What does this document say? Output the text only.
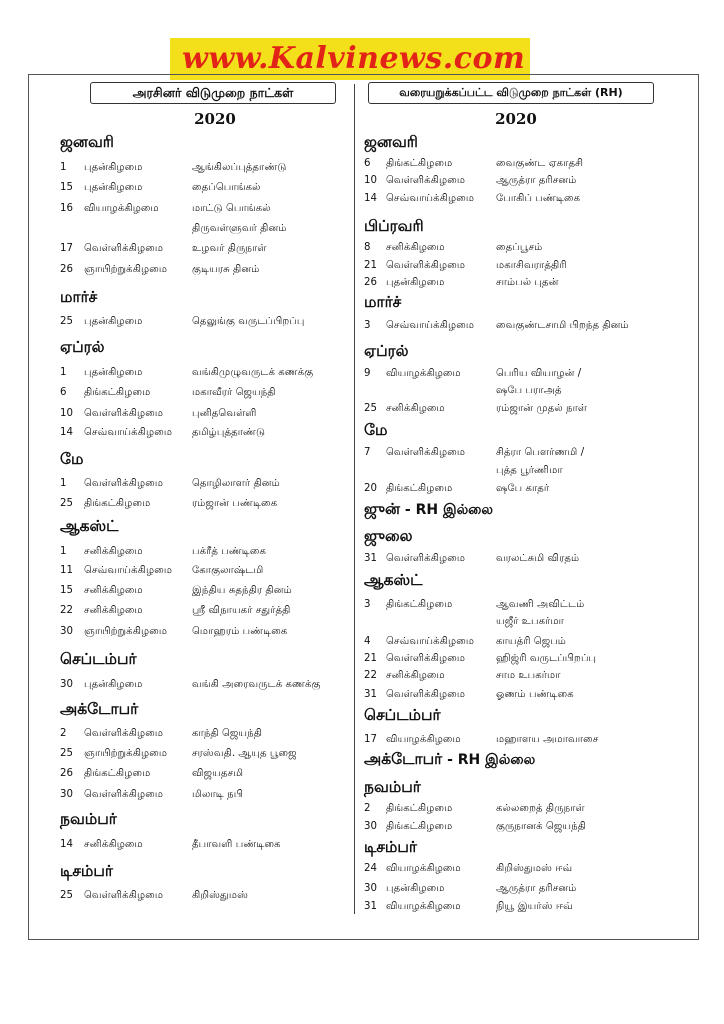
www.Kalvinews.com
அரசினர் விடுமுறை நாட்கள்
2020
வரையறுக்கப்பட்ட விடுமுறை நாட்கள் (RH)
2020
ஜனவரி
1 புதன்கிழமை	ஆங்கிலப்புத்தாண்டு
15 புதன்கிழமை	தைப்பொங்கல்
16 வியாழக்கிழமை	மாட்டு பொங்கல்
திருவள்ளுவர் தினம்
17 வெள்ளிக்கிழமை	உழவர் திருநாள்
26 ஞாயிற்றுக்கிழமை குடியரசு தினம்
மார்ச்
25 புதன்கிழமை	தெலுங்கு வருடப்பிறப்பு
ஏப்ரல்
1 புதன்கிழமை	வங்கிமுழுவருடக் கணக்கு
6 திங்கட்கிழமை	மகாவீரர் ஜெயந்தி
10 வெள்ளிக்கிழமை	புனிதவெள்ளி
14 செவ்வாய்க்கிழமை தமிழ்புத்தாண்டு
மே
1 வெள்ளிக்கிழமை	தொழிலாளர் தினம்
25 திங்கட்கிழமை	ரம்ஜான் பண்டிகை
ஆகஸ்ட்
1 சனிக்கிழமை	பக்ரீத் பண்டிகை
11 செவ்வாய்க்கிழமை கோகுலாஷ்டமி
15 சனிக்கிழமை	இந்திய சுதந்திர தினம்
22 சனிக்கிழமை	ஸ்ரீ விநாயகர் சதுர்த்தி
30 ஞாயிற்றுக்கிழமை மொஹரம் பண்டிகை
செப்டம்பர்
30 புதன்கிழமை	வங்கி அரைவருடக் கணக்கு
அக்டோபர்
2 வெள்ளிக்கிழமை	காந்தி ஜெயந்தி
25 ஞாயிற்றுக்கிழமை சரஸ்வதி. ஆயுத பூஜை
26 திங்கட்கிழமை	விஜயதசமி
30 வெள்ளிக்கிழமை	மிலாடி நபி
நவம்பர்
14 சனிக்கிழமை	தீபாவளி பண்டிகை
டிசம்பர்
25 வெள்ளிக்கிழமை	கிறிஸ்துமஸ்
ஜனவரி
6 திங்கட்கிழமை	வைகுண்ட ஏகாதசி
10 வெள்ளிக்கிழமை	ஆருத்ரா தரிசனம்
14 செவ்வாய்க்கிழமை போகிப் பண்டிகை
பிப்ரவரி
8 சனிக்கிழமை	தைப்பூசம்
21 வெள்ளிக்கிழமை	மகாசிவராத்திரி
26 புதன்கிழமை	சாம்பல் புதன்
மார்ச்
3 செவ்வாய்க்கிழமை வைகுண்டசாமி பிறந்த தினம்
ஏப்ரல்
9 வியாழக்கிழமை	பெரிய வியாழன் /
ஷபே பராஅத்
25 சனிக்கிழமை	ரம்ஜான் முதல் நாள்
மே
7 வெள்ளிக்கிழமை	சித்ரா பௌர்ணமி /
புத்த பூர்ணிமா
20 திங்கட்கிழமை	ஷபே காதர்
ஜுன் - RH இல்லை
ஜுலை
31 வெள்ளிக்கிழமை	வரலட்சுமி விரதம்
ஆகஸ்ட்
3 திங்கட்கிழமை	ஆவணி அவிட்டம்
யஜீர் உபகர்மா
4 செவ்வாய்க்கிழமை காயத்ரி ஜெபம்
21 வெள்ளிக்கிழமை	ஹிஜ்ரி வருடப்பிறப்பு
22 சனிக்கிழமை	சாம உபகர்மா
31 வெள்ளிக்கிழமை	ஓணம் பண்டிகை
செப்டம்பர்
17 வியாழக்கிழமை	மஹாளய அமாவாசை
அக்டோபர் - RH இல்லை
நவம்பர்
2 திங்கட்கிழமை	கல்லறைத் திருநாள்
30 திங்கட்கிழமை	குருநானக் ஜெயந்தி
டிசம்பர்
24 வியாழக்கிழமை	கிறிஸ்துமஸ் ஈவ்
30 புதன்கிழமை	ஆருத்ரா தரிசனம்
31 வியாழக்கிழமை	நியூ இயர்ஸ் ஈவ்
